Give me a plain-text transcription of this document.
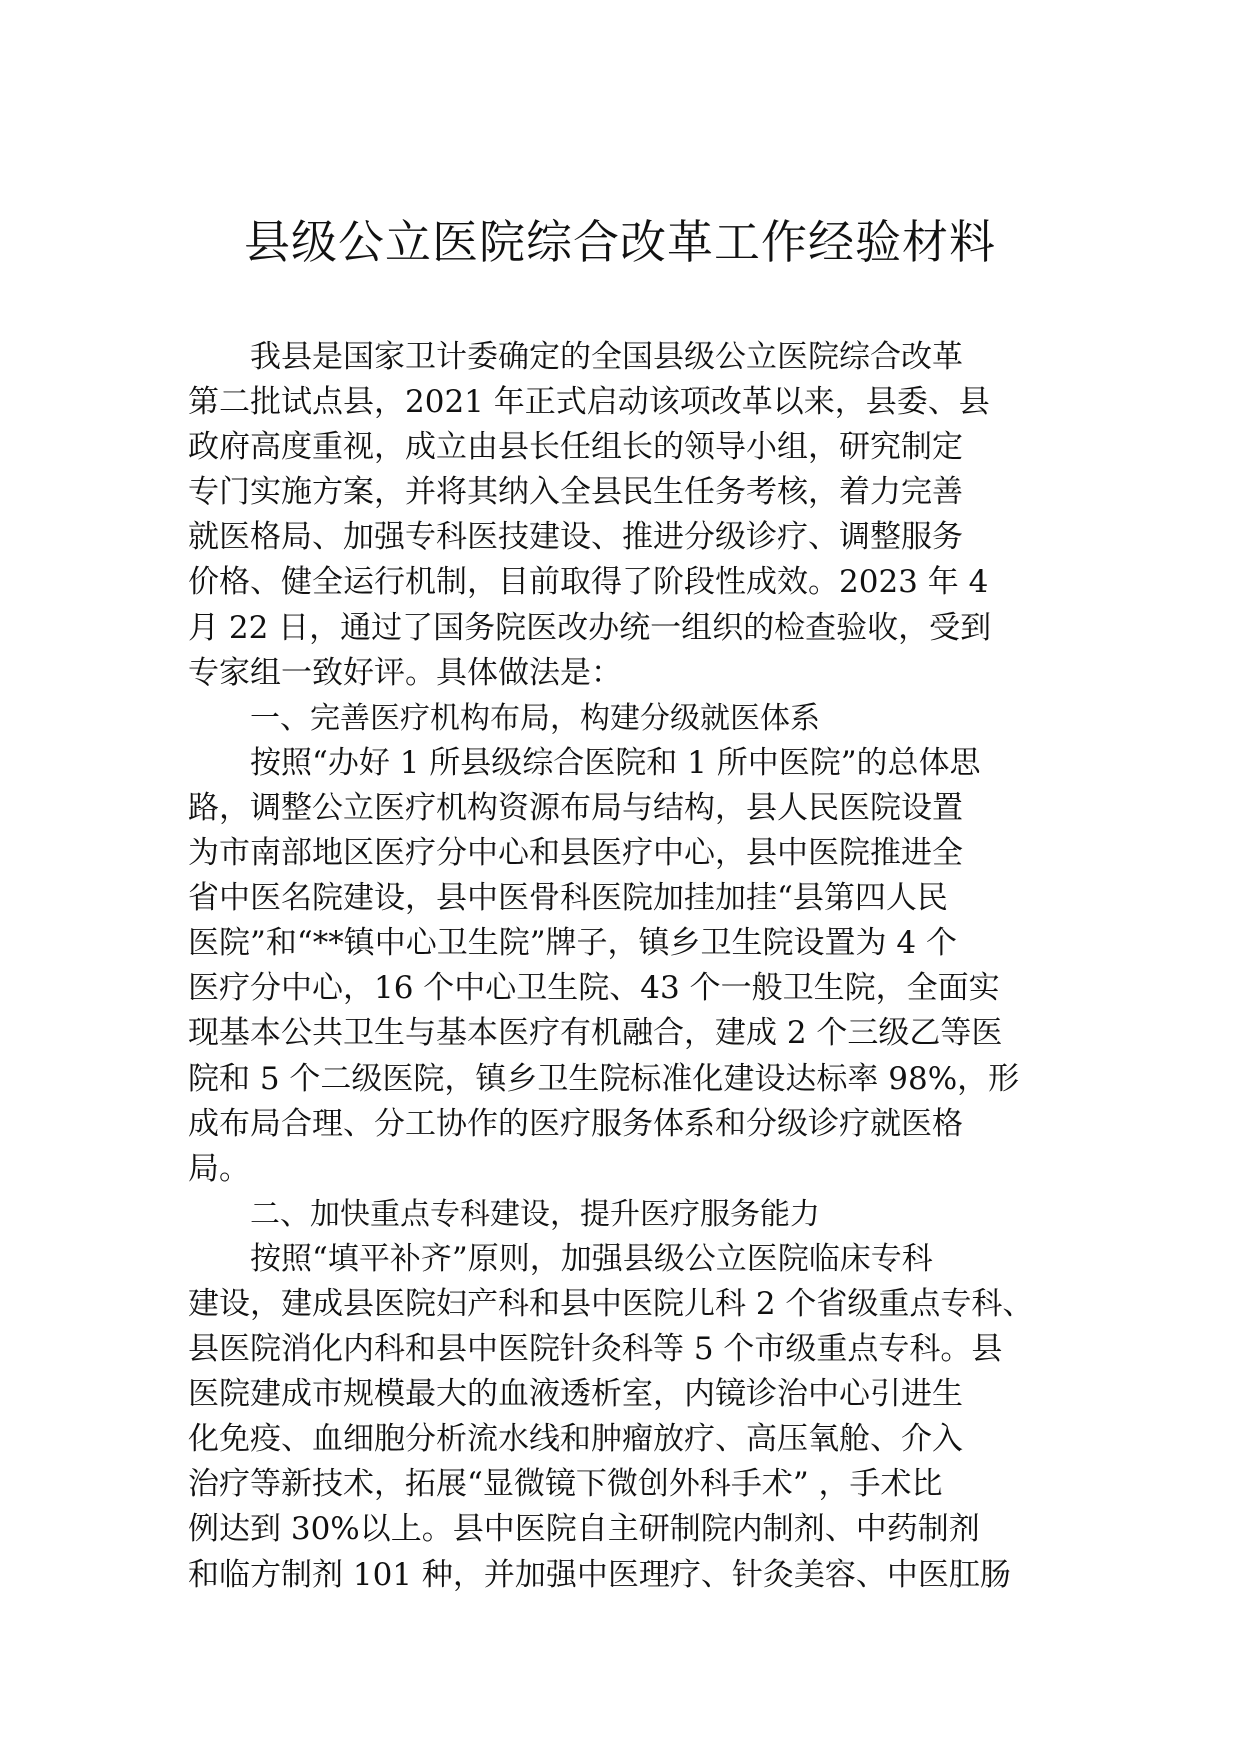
县级公立医院综合改革工作经验材料
我县是国家卫计委确定的全国县级公立医院综合改革
第二批试点县，2021 年正式启动该项改革以来，县委、县
政府高度重视，成立由县长任组长的领导小组，研究制定
专门实施方案，并将其纳入全县民生任务考核，着力完善
就医格局、加强专科医技建设、推进分级诊疗、调整服务
价格、健全运行机制，目前取得了阶段性成效。2023 年 4
月 22 日，通过了国务院医改办统一组织的检查验收，受到
专家组一致好评。具体做法是：
一、完善医疗机构布局，构建分级就医体系
按照“办好 1 所县级综合医院和 1 所中医院”的总体思
路，调整公立医疗机构资源布局与结构，县人民医院设置
为市南部地区医疗分中心和县医疗中心，县中医院推进全
省中医名院建设，县中医骨科医院加挂加挂“县第四人民
医院”和“**镇中心卫生院”牌子，镇乡卫生院设置为 4 个
医疗分中心，16 个中心卫生院、43 个一般卫生院，全面实
现基本公共卫生与基本医疗有机融合，建成 2 个三级乙等医
院和 5 个二级医院，镇乡卫生院标准化建设达标率 98%，形
成布局合理、分工协作的医疗服务体系和分级诊疗就医格
局。
二、加快重点专科建设，提升医疗服务能力
按照“填平补齐”原则，加强县级公立医院临床专科
建设，建成县医院妇产科和县中医院儿科 2 个省级重点专科、
县医院消化内科和县中医院针灸科等 5 个市级重点专科。县
医院建成市规模最大的血液透析室，内镜诊治中心引进生
化免疫、血细胞分析流水线和肿瘤放疗、高压氧舱、介入
治疗等新技术，拓展“显微镜下微创外科手术” ，手术比
例达到 30%以上。县中医院自主研制院内制剂、中药制剂
和临方制剂 101 种，并加强中医理疗、针灸美容、中医肛肠
